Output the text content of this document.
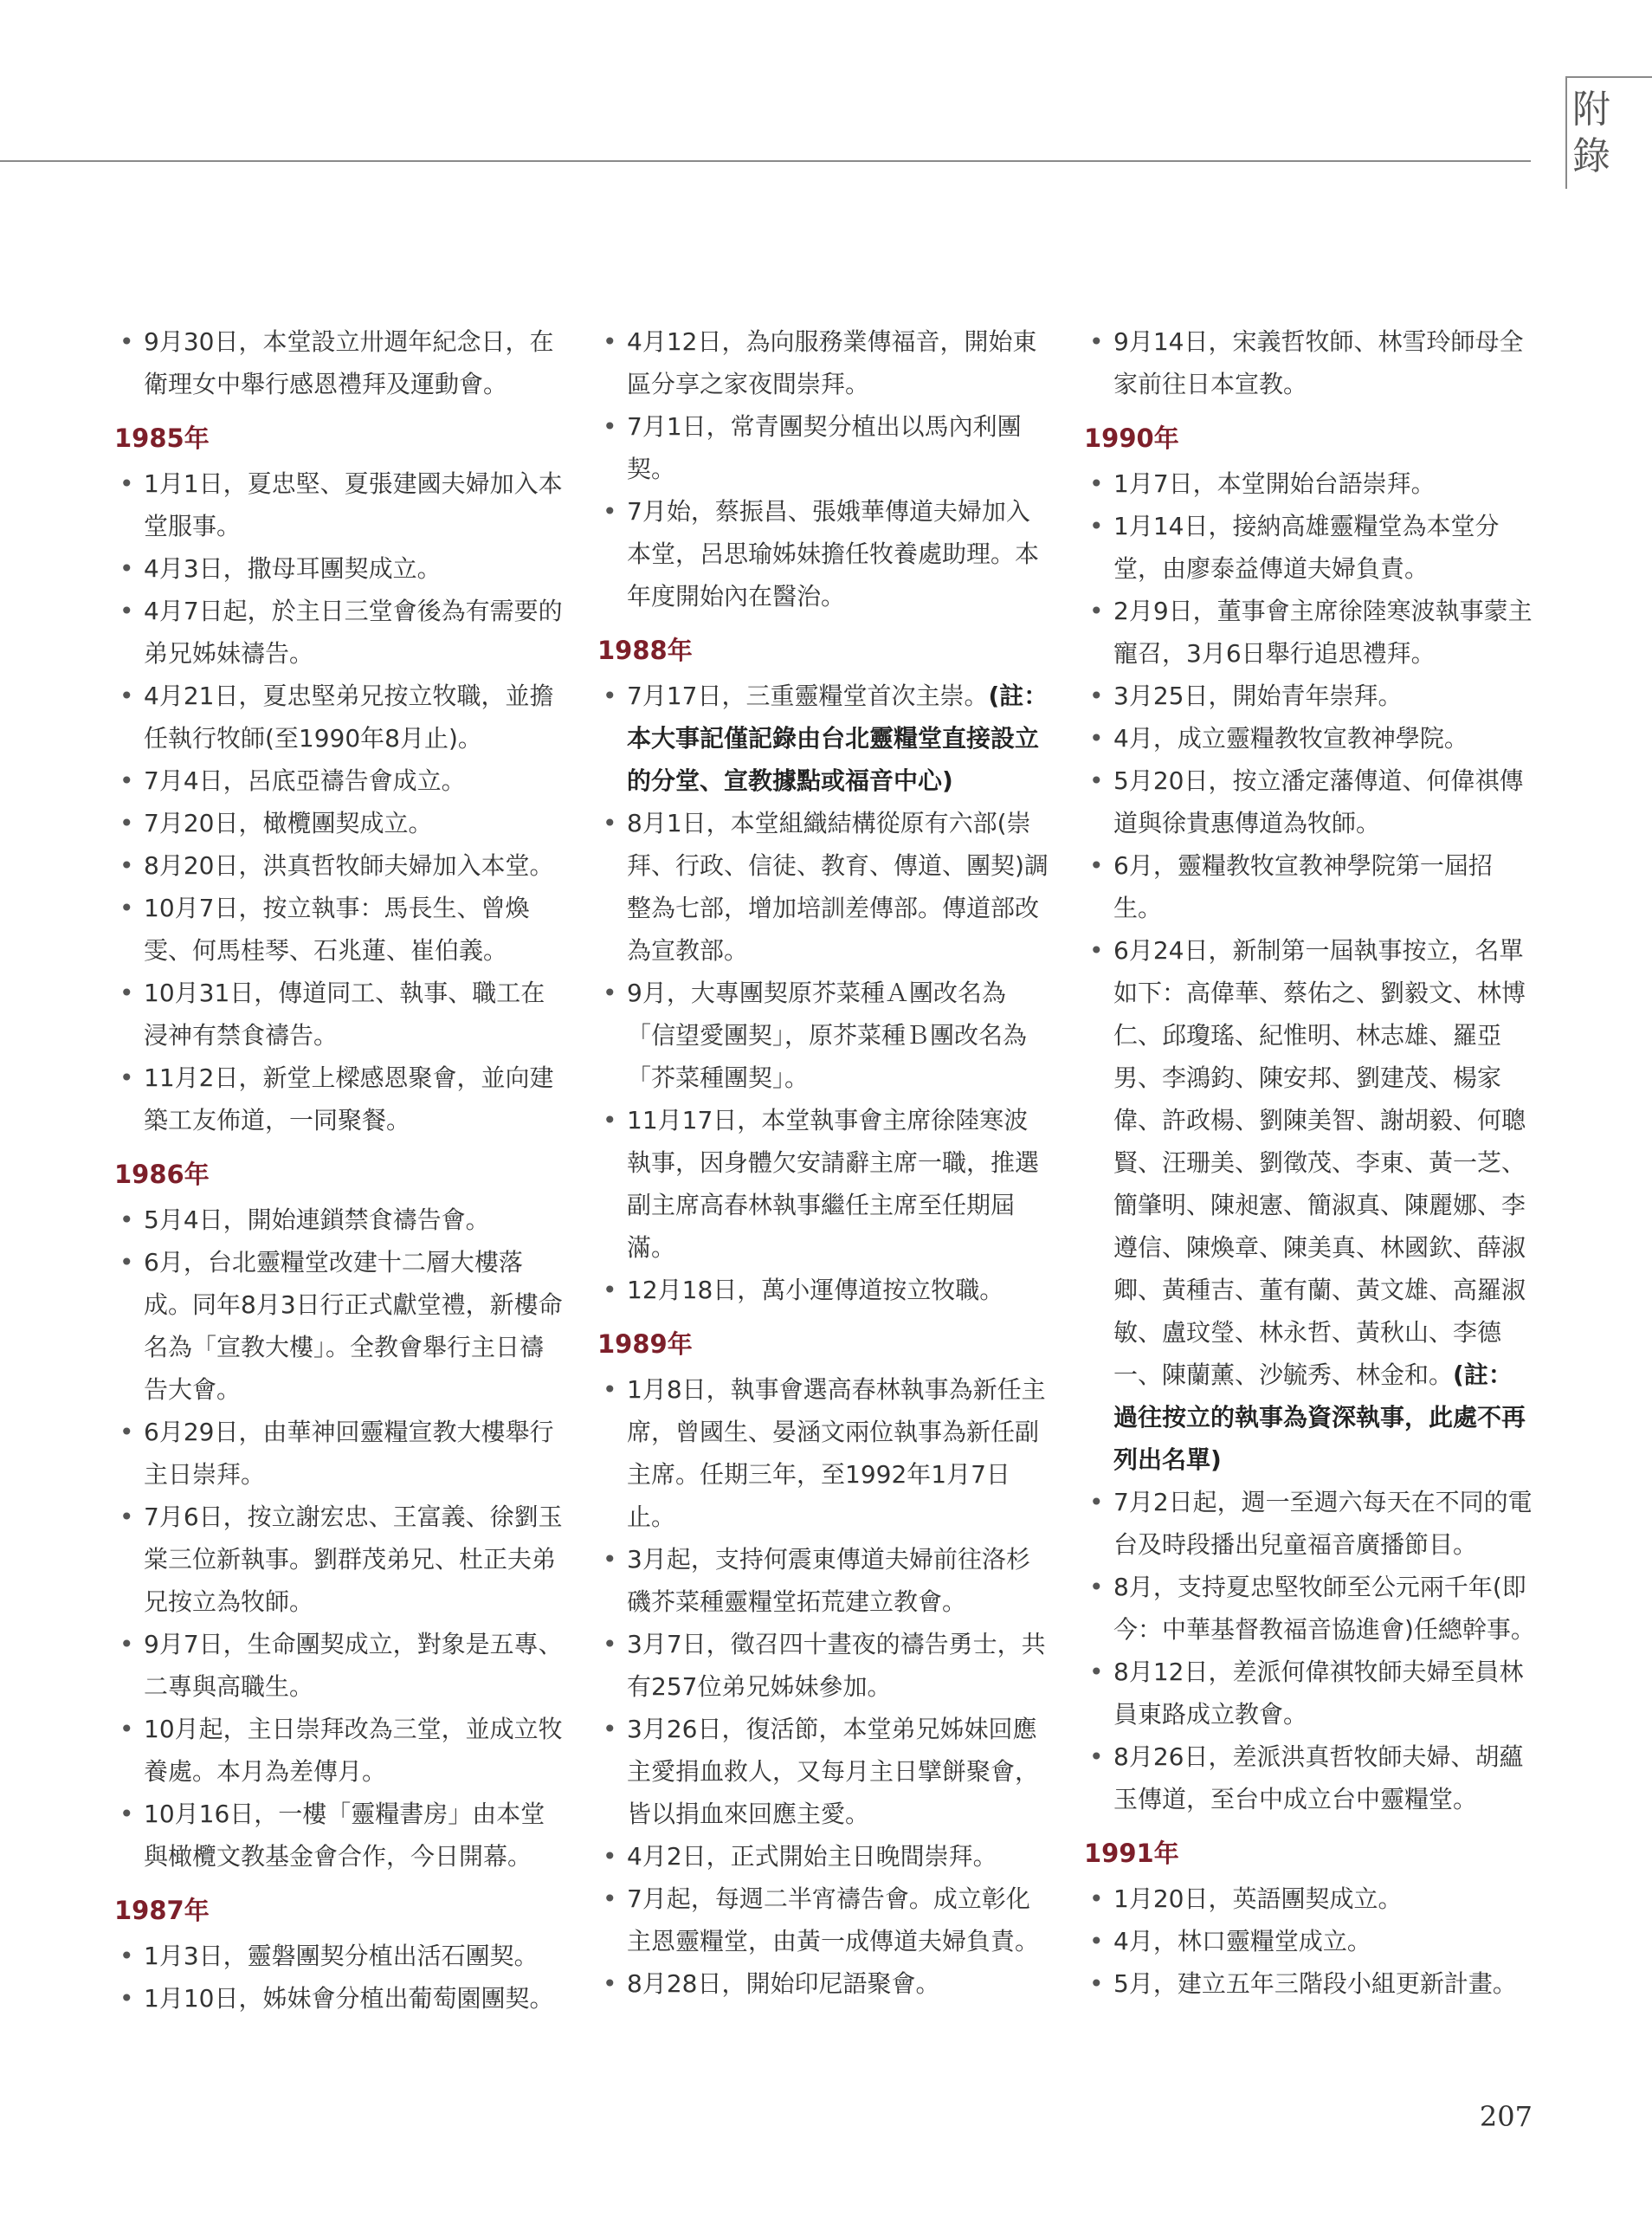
附錄
• 9月30日，本堂設立卅週年紀念日，在衛理女中舉行感恩禮拜及運動會。
1985年
• 1月1日，夏忠堅、夏張建國夫婦加入本堂服事。
• 4月3日，撒母耳團契成立。
• 4月7日起，於主日三堂會後為有需要的弟兄姊妹禱告。
• 4月21日，夏忠堅弟兄按立牧職，並擔任執行牧師(至1990年8月止)。
• 7月4日，呂底亞禱告會成立。
• 7月20日，橄欖團契成立。
• 8月20日，洪真哲牧師夫婦加入本堂。
• 10月7日，按立執事：馬長生、曾煥雯、何馬桂琴、石兆蓮、崔伯義。
• 10月31日，傳道同工、執事、職工在浸神有禁食禱告。
• 11月2日，新堂上樑感恩聚會，並向建築工友佈道，一同聚餐。
1986年
• 5月4日，開始連鎖禁食禱告會。
• 6月，台北靈糧堂改建十二層大樓落成。同年8月3日行正式獻堂禮，新樓命名為「宣教大樓」。全教會舉行主日禱告大會。
• 6月29日，由華神回靈糧宣教大樓舉行主日崇拜。
• 7月6日，按立謝宏忠、王富義、徐劉玉棠三位新執事。劉群茂弟兄、杜正夫弟兄按立為牧師。
• 9月7日，生命團契成立，對象是五專、二專與高職生。
• 10月起，主日崇拜改為三堂，並成立牧養處。本月為差傳月。
• 10月16日，一樓「靈糧書房」由本堂與橄欖文教基金會合作，今日開幕。
1987年
• 1月3日，靈磐團契分植出活石團契。
• 1月10日，姊妹會分植出葡萄園團契。
• 4月12日，為向服務業傳福音，開始東區分享之家夜間崇拜。
• 7月1日，常青團契分植出以馬內利團契。
• 7月始，蔡振昌、張娥華傳道夫婦加入本堂，呂思瑜姊妹擔任牧養處助理。本年度開始內在醫治。
1988年
• 7月17日，三重靈糧堂首次主崇。(註：本大事記僅記錄由台北靈糧堂直接設立的分堂、宣教據點或福音中心)
• 8月1日，本堂組織結構從原有六部(崇拜、行政、信徒、教育、傳道、團契)調整為七部，增加培訓差傳部。傳道部改為宣教部。
• 9月，大專團契原芥菜種Ａ團改名為「信望愛團契」，原芥菜種Ｂ團改名為「芥菜種團契」。
• 11月17日，本堂執事會主席徐陸寒波執事，因身體欠安請辭主席一職，推選副主席高春林執事繼任主席至任期屆滿。
• 12月18日，萬小運傳道按立牧職。
1989年
• 1月8日，執事會選高春林執事為新任主席，曾國生、晏涵文兩位執事為新任副主席。任期三年，至1992年1月7日止。
• 3月起，支持何震東傳道夫婦前往洛杉磯芥菜種靈糧堂拓荒建立教會。
• 3月7日，徵召四十晝夜的禱告勇士，共有257位弟兄姊妹參加。
• 3月26日，復活節，本堂弟兄姊妹回應主愛捐血救人，又每月主日擘餅聚會，皆以捐血來回應主愛。
• 4月2日，正式開始主日晚間崇拜。
• 7月起，每週二半宵禱告會。成立彰化主恩靈糧堂，由黃一成傳道夫婦負責。
• 8月28日，開始印尼語聚會。
• 9月14日，宋義哲牧師、林雪玲師母全家前往日本宣教。
1990年
• 1月7日，本堂開始台語崇拜。
• 1月14日，接納高雄靈糧堂為本堂分堂，由廖泰益傳道夫婦負責。
• 2月9日，董事會主席徐陸寒波執事蒙主寵召，3月6日舉行追思禮拜。
• 3月25日，開始青年崇拜。
• 4月，成立靈糧教牧宣教神學院。
• 5月20日，按立潘定藩傳道、何偉祺傳道與徐貴惠傳道為牧師。
• 6月，靈糧教牧宣教神學院第一屆招生。
• 6月24日，新制第一屆執事按立，名單如下：高偉華、蔡佑之、劉毅文、林博仁、邱瓊瑤、紀惟明、林志雄、羅亞男、李鴻鈞、陳安邦、劉建茂、楊家偉、許政楊、劉陳美智、謝胡毅、何聰賢、汪珊美、劉徵茂、李東、黃一芝、簡肇明、陳昶憲、簡淑真、陳麗娜、李遵信、陳煥章、陳美真、林國欽、薛淑卿、黃種吉、董有蘭、黃文雄、高羅淑敏、盧玟瑩、林永哲、黃秋山、李德一、陳蘭薰、沙毓秀、林金和。(註：過往按立的執事為資深執事，此處不再列出名單)
• 7月2日起，週一至週六每天在不同的電台及時段播出兒童福音廣播節目。
• 8月，支持夏忠堅牧師至公元兩千年(即今：中華基督教福音協進會)任總幹事。
• 8月12日，差派何偉祺牧師夫婦至員林員東路成立教會。
• 8月26日，差派洪真哲牧師夫婦、胡蘊玉傳道，至台中成立台中靈糧堂。
1991年
• 1月20日，英語團契成立。
• 4月，林口靈糧堂成立。
• 5月，建立五年三階段小組更新計畫。
207
